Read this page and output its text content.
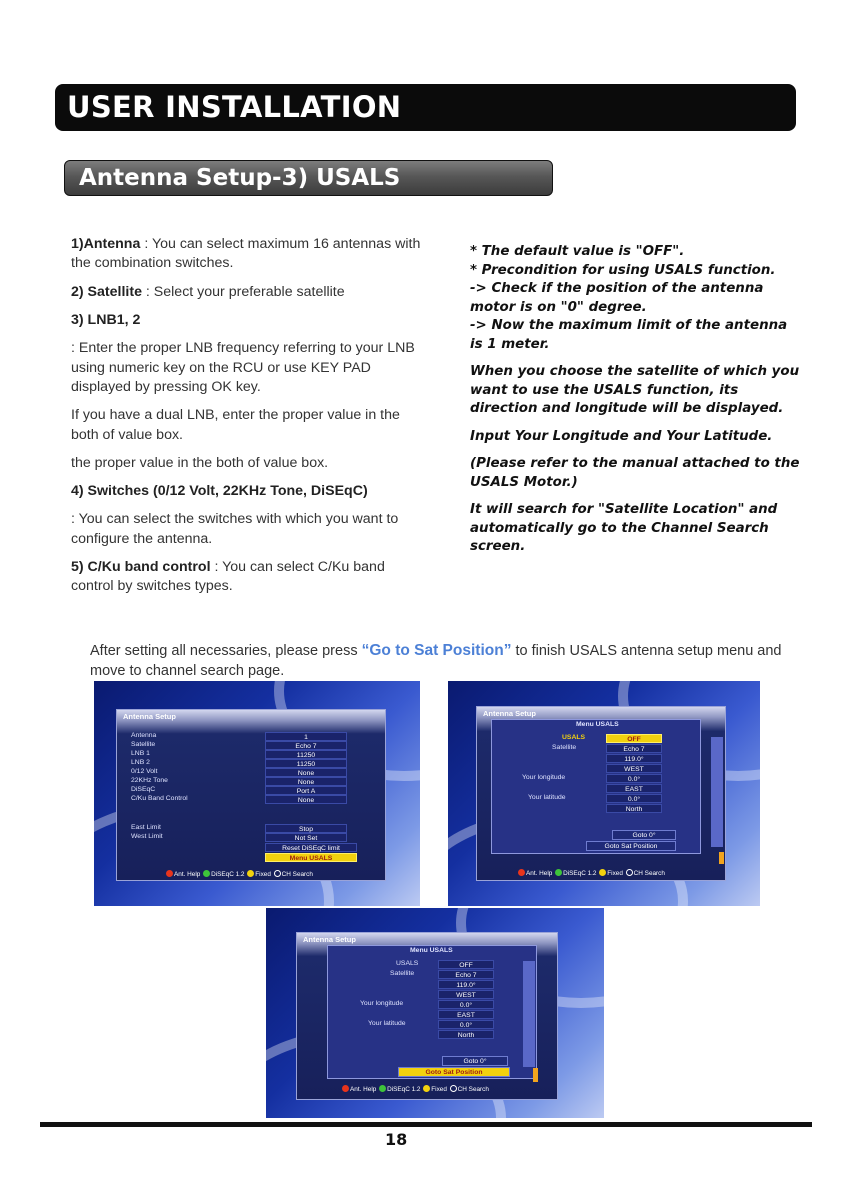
USER INSTALLATION
Antenna Setup-3) USALS

1)Antenna : You can select maximum 16 antennas with the combination switches.

2) Satellite : Select your preferable satellite

3) LNB1, 2

: Enter the proper LNB frequency referring to your LNB using numeric key on the RCU or use KEY PAD displayed by pressing OK key.

If you have a dual LNB, enter the proper value in the both of value box.

the proper value in the both of value box.

4) Switches (0/12 Volt, 22KHz Tone, DiSEqC)

: You can select the switches with which you want to configure the antenna.

5) C/Ku band control : You can select C/Ku band control by switches types.

* The default value is "OFF".
* Precondition for using USALS function.
-> Check if the position of the antenna motor is on "0" degree.
-> Now the maximum limit of the antenna is 1 meter.

When you choose the satellite of which you want to use the USALS function, its direction and longitude will be displayed.

Input Your Longitude and Your Latitude.

(Please refer to the manual attached to the USALS Motor.)

It will search for "Satellite Location" and automatically go to the Channel Search screen.

After setting all necessaries, please press “Go to Sat Position” to finish USALS antenna setup menu and move to channel search page.
Antenna Setup
Antenna
Satellite
LNB 1
LNB 2
0/12 Volt
22KHz Tone
DiSEqC
C/Ku Band Control
1
Echo 7
11250
11250
None
None
Port A
None
East Limit
West Limit
Stop
Not Set
Reset DiSEqC limit
Menu USALS
Ant. Help DiSEqC 1.2 Fixed CH Search
Antenna Setup
Menu USALS
USALS
Satellite
Your longitude
Your latitude
OFF
Echo 7
119.0°
WEST
0.0°
EAST
0.0°
North
Goto 0°
Goto Sat Position
Ant. Help DiSEqC 1.2 Fixed CH Search
Antenna Setup
Menu USALS
USALS
Satellite
Your longitude
Your latitude
OFF
Echo 7
119.0°
WEST
0.0°
EAST
0.0°
North
Goto 0°
Goto Sat Position
Ant. Help DiSEqC 1.2 Fixed CH Search
18
